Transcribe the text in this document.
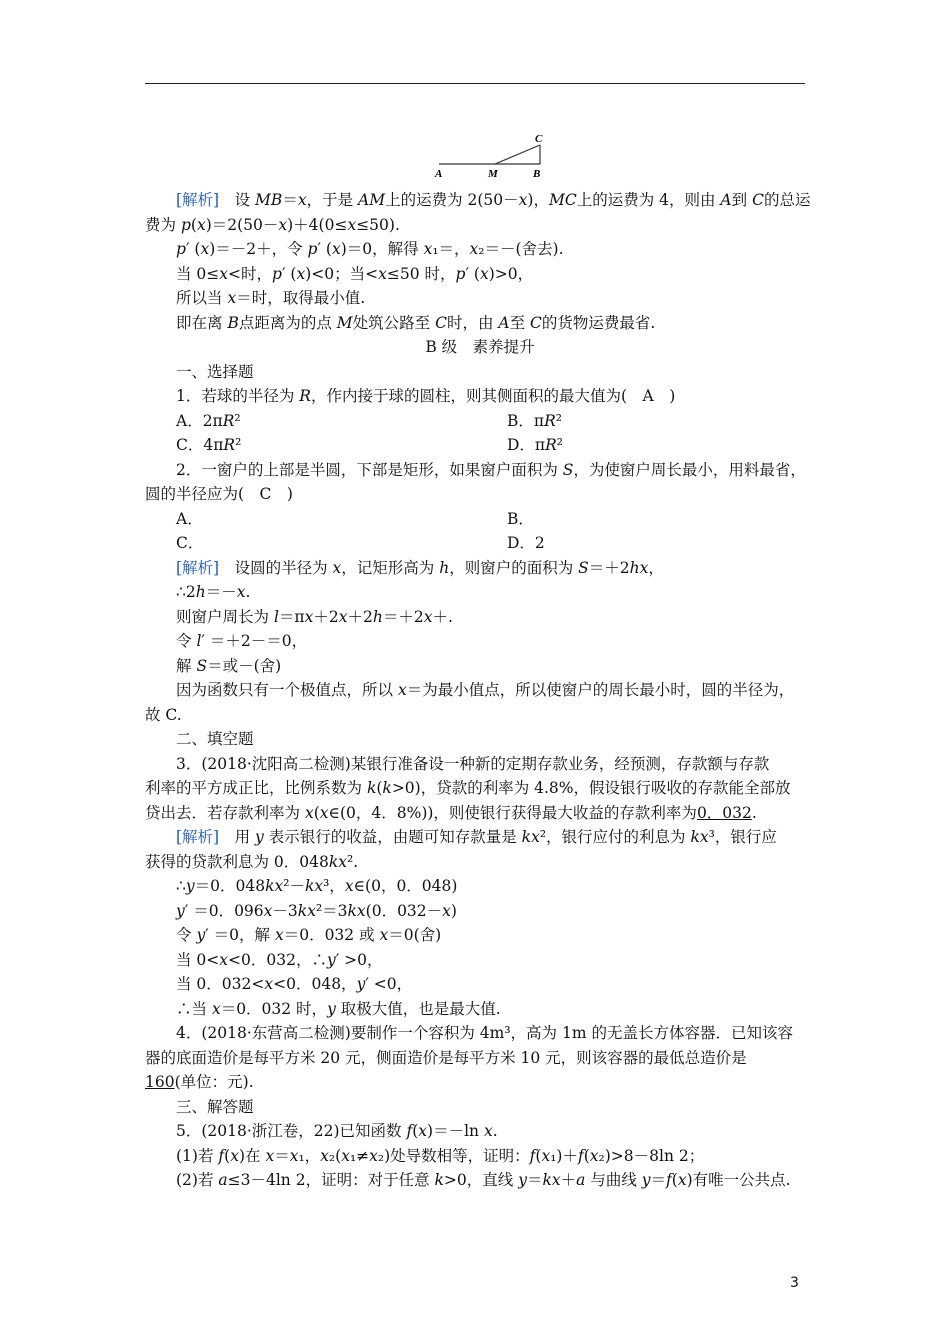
A	M	B
C
[解析]　设 MB＝x，于是 AM上的运费为 2(50－x)，MC上的运费为 4，则由 A到 C的总运
费为 p(x)＝2(50－x)＋4(0≤x≤50).
p′ (x)＝－2＋，令 p′ (x)＝0，解得 x₁＝，x₂＝－(舍去).
当 0≤x<时，p′ (x)<0；当<x≤50 时，p′ (x)>0，
所以当 x＝时，取得最小值.
即在离 B点距离为的点 M处筑公路至 C时，由 A至 C的货物运费最省.
B 级　素养提升
一、选择题
1．若球的半径为 R，作内接于球的圆柱，则其侧面积的最大值为(　A　)
A．2πR²	B．πR²
C．4πR²	D．πR²
2．一窗户的上部是半圆，下部是矩形，如果窗户面积为 S，为使窗户周长最小，用料最省，
圆的半径应为(　C　)
A．	B．
C．	D．2
[解析]　设圆的半径为 x，记矩形高为 h，则窗户的面积为 S＝＋2hx，
∴2h＝－x.
则窗户周长为 l＝πx＋2x＋2h＝＋2x＋.
令 l′ ＝＋2－＝0，
解 S＝或－(舍)
因为函数只有一个极值点，所以 x＝为最小值点，所以使窗户的周长最小时，圆的半径为，
故 C.
二、填空题
3．(2018·沈阳高二检测)某银行准备设一种新的定期存款业务，经预测，存款额与存款
利率的平方成正比，比例系数为 k(k>0)，贷款的利率为 4.8%，假设银行吸收的存款能全部放
贷出去．若存款利率为 x(x∈(0，4．8%))，则使银行获得最大收益的存款利率为0．032.
[解析]　用 y 表示银行的收益，由题可知存款量是 kx²，银行应付的利息为 kx³，银行应
获得的贷款利息为 0．048kx².
∴y＝0．048kx²－kx³，x∈(0，0．048)
y′ ＝0．096x－3kx²＝3kx(0．032－x)
令 y′ ＝0，解 x＝0．032 或 x＝0(舍)
当 0<x<0．032，∴y′ >0，
当 0．032<x<0．048，y′ <0，
∴当 x＝0．032 时，y 取极大值，也是最大值.
4．(2018·东营高二检测)要制作一个容积为 4m³，高为 1m 的无盖长方体容器．已知该容
器的底面造价是每平方米 20 元，侧面造价是每平方米 10 元，则该容器的最低总造价是
160(单位：元).
三、解答题
5．(2018·浙江卷，22)已知函数 f(x)＝－ln x.
(1)若 f(x)在 x＝x₁，x₂(x₁≠x₂)处导数相等，证明：f(x₁)＋f(x₂)>8－8ln 2；
(2)若 a≤3－4ln 2，证明：对于任意 k>0，直线 y＝kx＋a 与曲线 y＝f(x)有唯一公共点.
3
